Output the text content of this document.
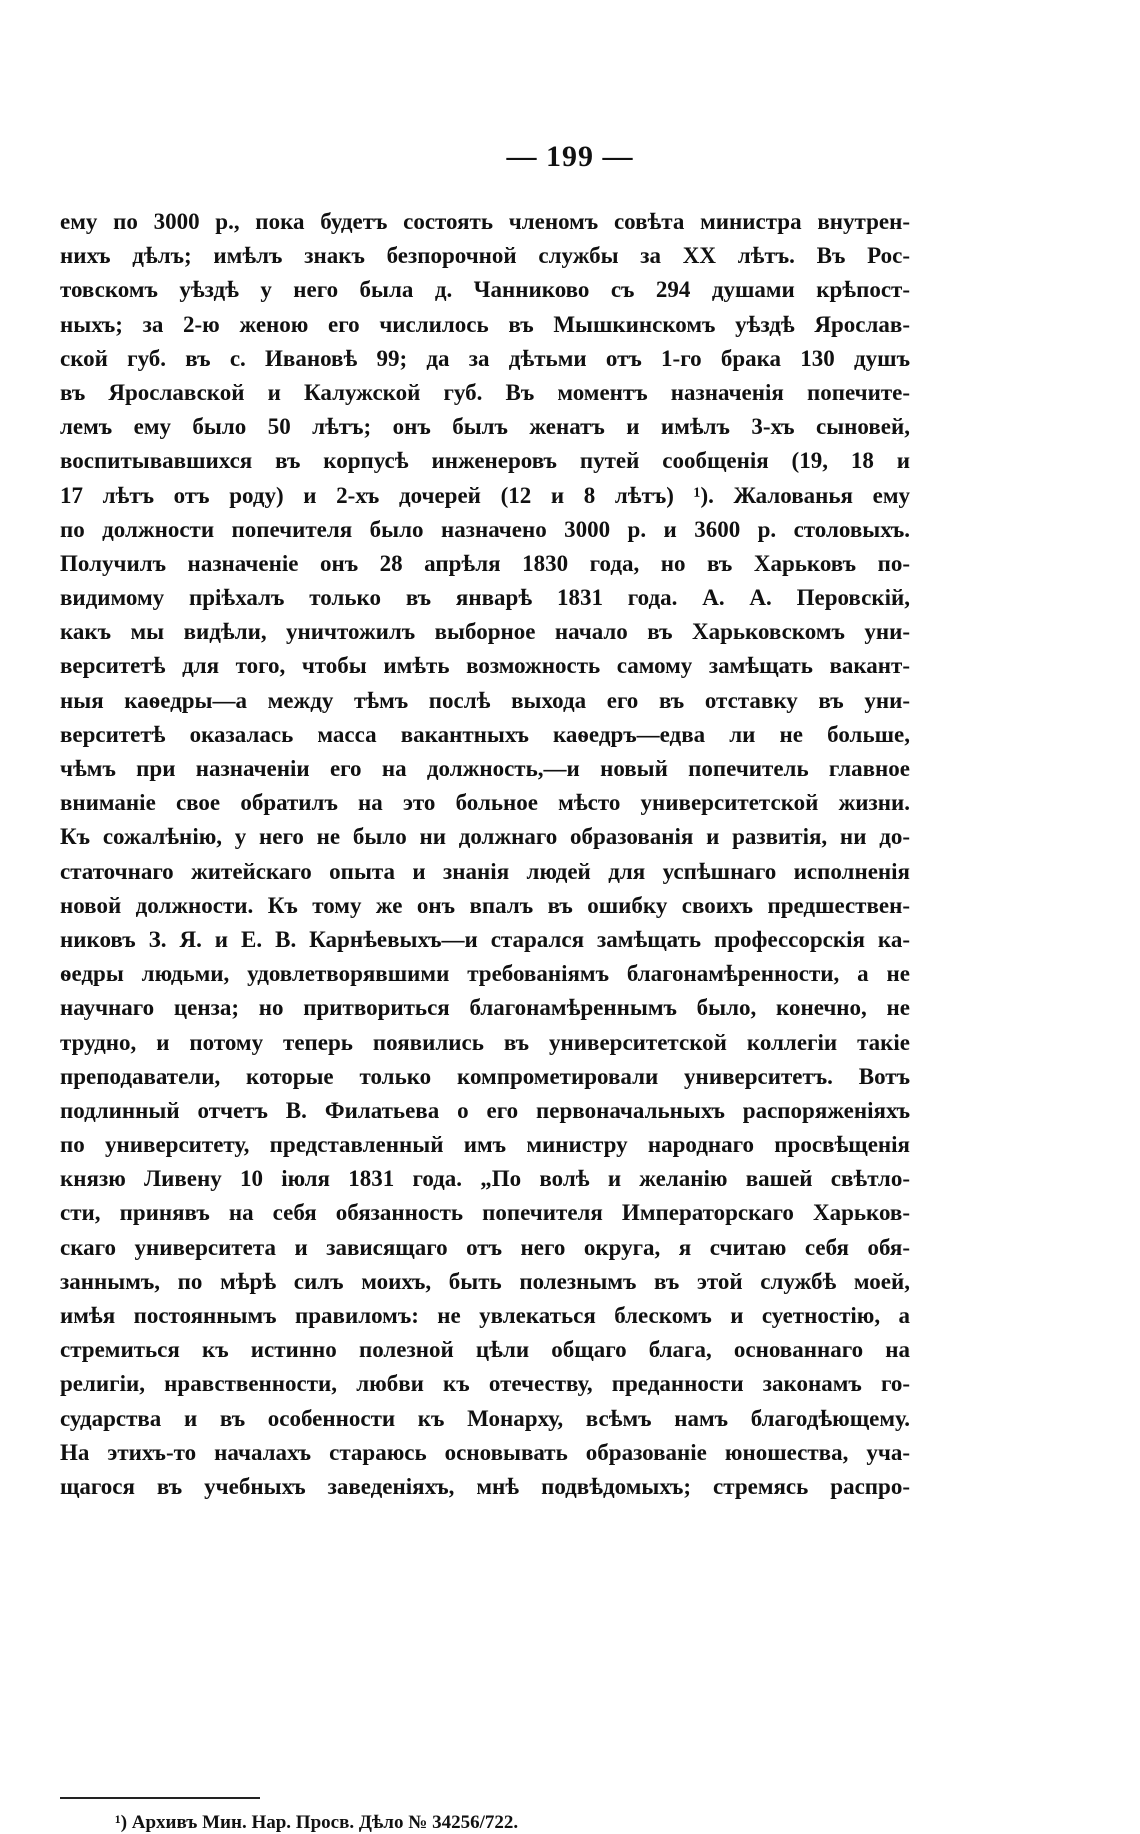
— 199 —
ему по 3000 р., пока будетъ состоять членомъ совѣта министра внутрен-
нихъ дѣлъ; имѣлъ знакъ безпорочной службы за XX лѣтъ. Въ Рос-
товскомъ уѣздѣ у него была д. Чанниково съ 294 душами крѣпост-
ныхъ; за 2-ю женою его числилось въ Мышкинскомъ уѣздѣ Ярослав-
ской губ. въ с. Ивановѣ 99; да за дѣтьми отъ 1-го брака 130 душъ
въ Ярославской и Калужской губ. Въ моментъ назначенія попечите-
лемъ ему было 50 лѣтъ; онъ былъ женатъ и имѣлъ 3-хъ сыновей,
воспитывавшихся въ корпусѣ инженеровъ путей сообщенія (19, 18 и
17 лѣтъ отъ роду) и 2-хъ дочерей (12 и 8 лѣтъ) ¹). Жалованья ему
по должности попечителя было назначено 3000 р. и 3600 р. столовыхъ.
Получилъ назначеніе онъ 28 апрѣля 1830 года, но въ Харьковъ по-
видимому пріѣхалъ только въ январѣ 1831 года. А. А. Перовскій,
какъ мы видѣли, уничтожилъ выборное начало въ Харьковскомъ уни-
верситетѣ для того, чтобы имѣть возможность самому замѣщать вакант-
ныя каѳедры—а между тѣмъ послѣ выхода его въ отставку въ уни-
верситетѣ оказалась масса вакантныхъ каѳедръ—едва ли не больше,
чѣмъ при назначеніи его на должность,—и новый попечитель главное
вниманіе свое обратилъ на это больное мѣсто университетской жизни.
Къ сожалѣнію, у него не было ни должнаго образованія и развитія, ни до-
статочнаго житейскаго опыта и знанія людей для успѣшнаго исполненія
новой должности. Къ тому же онъ впалъ въ ошибку своихъ предшествен-
никовъ З. Я. и Е. В. Карнѣевыхъ—и старался замѣщать профессорскія ка-
ѳедры людьми, удовлетворявшими требованіямъ благонамѣренности, а не
научнаго ценза; но притвориться благонамѣреннымъ было, конечно, не
трудно, и потому теперь появились въ университетской коллегіи такіе
преподаватели, которые только компрометировали университетъ. Вотъ
подлинный отчетъ В. Филатьева о его первоначальныхъ распоряженіяхъ
по университету, представленный имъ министру народнаго просвѣщенія
князю Ливену 10 іюля 1831 года. „По волѣ и желанію вашей свѣтло-
сти, принявъ на себя обязанность попечителя Императорскаго Харьков-
скаго университета и зависящаго отъ него округа, я считаю себя обя-
заннымъ, по мѣрѣ силъ моихъ, быть полезнымъ въ этой службѣ моей,
имѣя постояннымъ правиломъ: не увлекаться блескомъ и суетностію, а
стремиться къ истинно полезной цѣли общаго блага, основаннаго на
религіи, нравственности, любви къ отечеству, преданности законамъ го-
сударства и въ особенности къ Монарху, всѣмъ намъ благодѣющему.
На этихъ-то началахъ стараюсь основывать образованіе юношества, уча-
щагося въ учебныхъ заведеніяхъ, мнѣ подвѣдомыхъ; стремясь распро-
¹) Архивъ Мин. Нар. Просв. Дѣло № 34256/722.
